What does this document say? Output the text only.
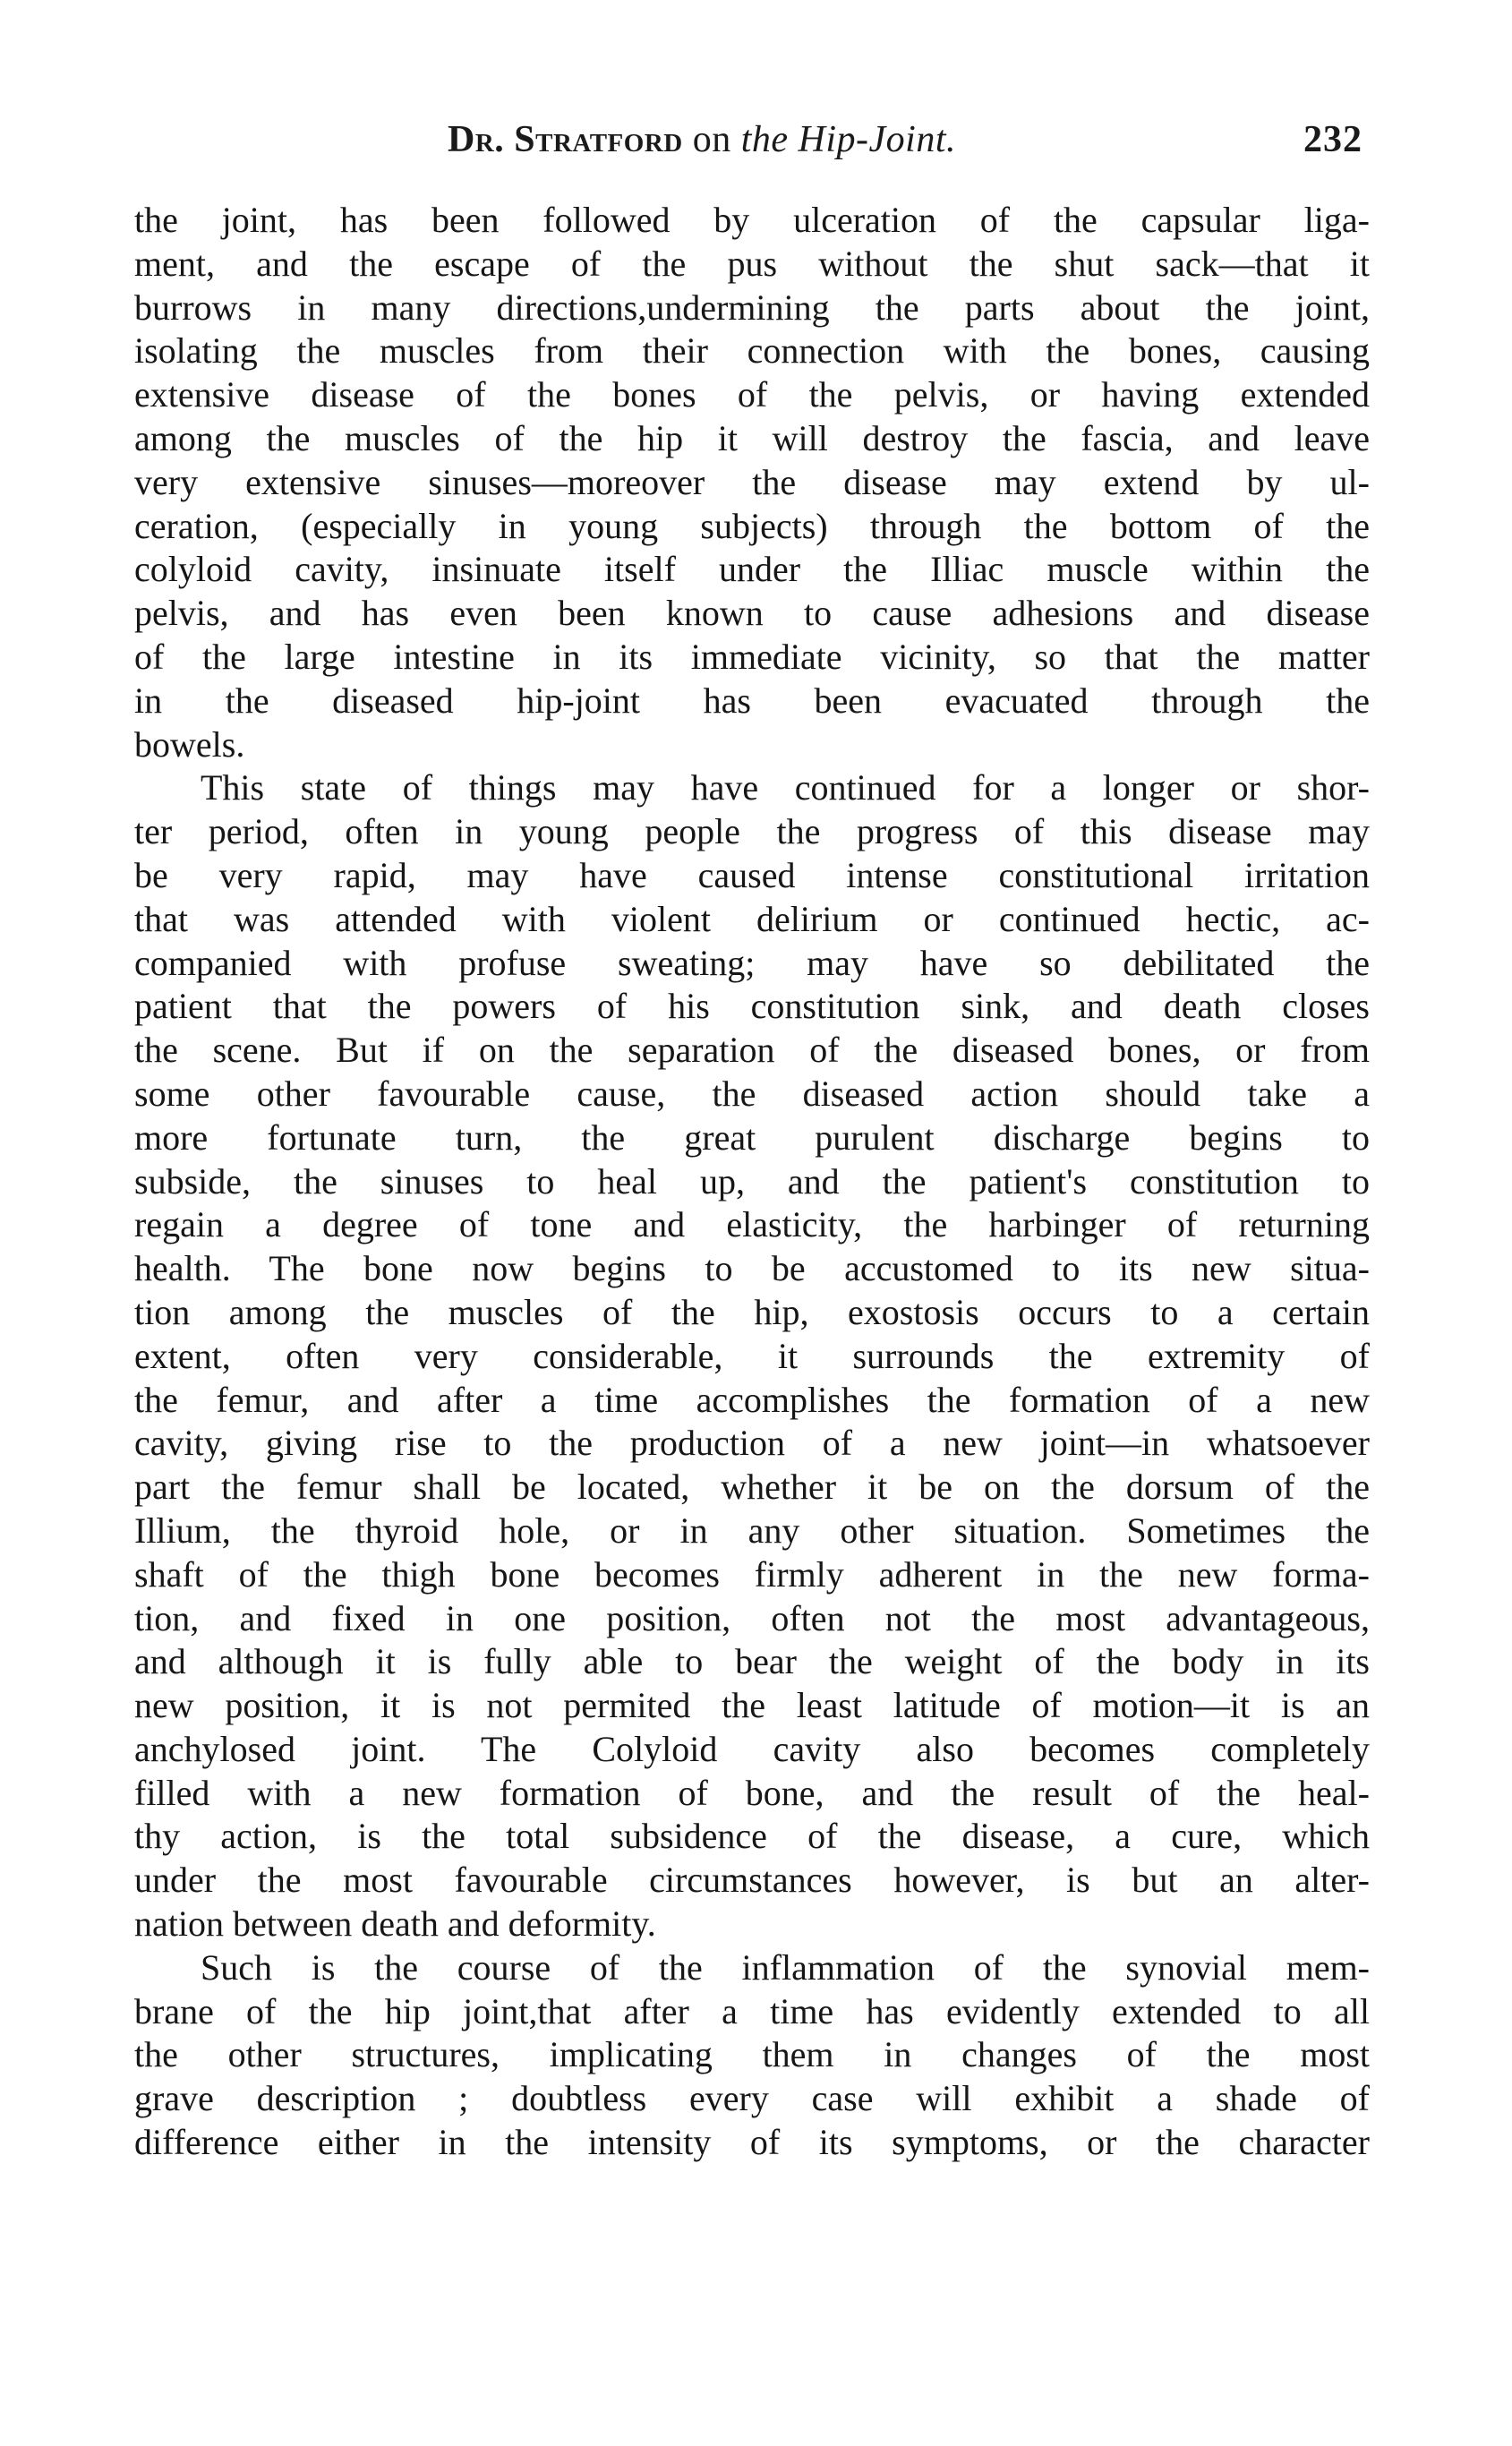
Dr. Stratford on the Hip-Joint.	232
the joint, has been followed by ulceration of the capsular liga-
ment, and the escape of the pus without the shut sack—that it
burrows in many directions,undermining the parts about the joint,
isolating the muscles from their connection with the bones, causing
extensive disease of the bones of the pelvis, or having extended
among the muscles of the hip it will destroy the fascia, and leave
very extensive sinuses—moreover the disease may extend by ul-
ceration, (especially in young subjects) through the bottom of the
colyloid cavity, insinuate itself under the Illiac muscle within the
pelvis, and has even been known to cause adhesions and disease
of the large intestine in its immediate vicinity, so that the matter
in the diseased hip-joint has been evacuated through the
bowels.
This state of things may have continued for a longer or shor-
ter period, often in young people the progress of this disease may
be very rapid, may have caused intense constitutional irritation
that was attended with violent delirium or continued hectic, ac-
companied with profuse sweating; may have so debilitated the
patient that the powers of his constitution sink, and death closes
the scene. But if on the separation of the diseased bones, or from
some other favourable cause, the diseased action should take a
more fortunate turn, the great purulent discharge begins to
subside, the sinuses to heal up, and the patient's constitution to
regain a degree of tone and elasticity, the harbinger of returning
health. The bone now begins to be accustomed to its new situa-
tion among the muscles of the hip, exostosis occurs to a certain
extent, often very considerable, it surrounds the extremity of
the femur, and after a time accomplishes the formation of a new
cavity, giving rise to the production of a new joint—in whatsoever
part the femur shall be located, whether it be on the dorsum of the
Illium, the thyroid hole, or in any other situation. Sometimes the
shaft of the thigh bone becomes firmly adherent in the new forma-
tion, and fixed in one position, often not the most advantageous,
and although it is fully able to bear the weight of the body in its
new position, it is not permited the least latitude of motion—it is an
anchylosed joint. The Colyloid cavity also becomes completely
filled with a new formation of bone, and the result of the heal-
thy action, is the total subsidence of the disease, a cure, which
under the most favourable circumstances however, is but an alter-
nation between death and deformity.
Such is the course of the inflammation of the synovial mem-
brane of the hip joint,that after a time has evidently extended to all
the other structures, implicating them in changes of the most
grave description ; doubtless every case will exhibit a shade of
difference either in the intensity of its symptoms, or the character
